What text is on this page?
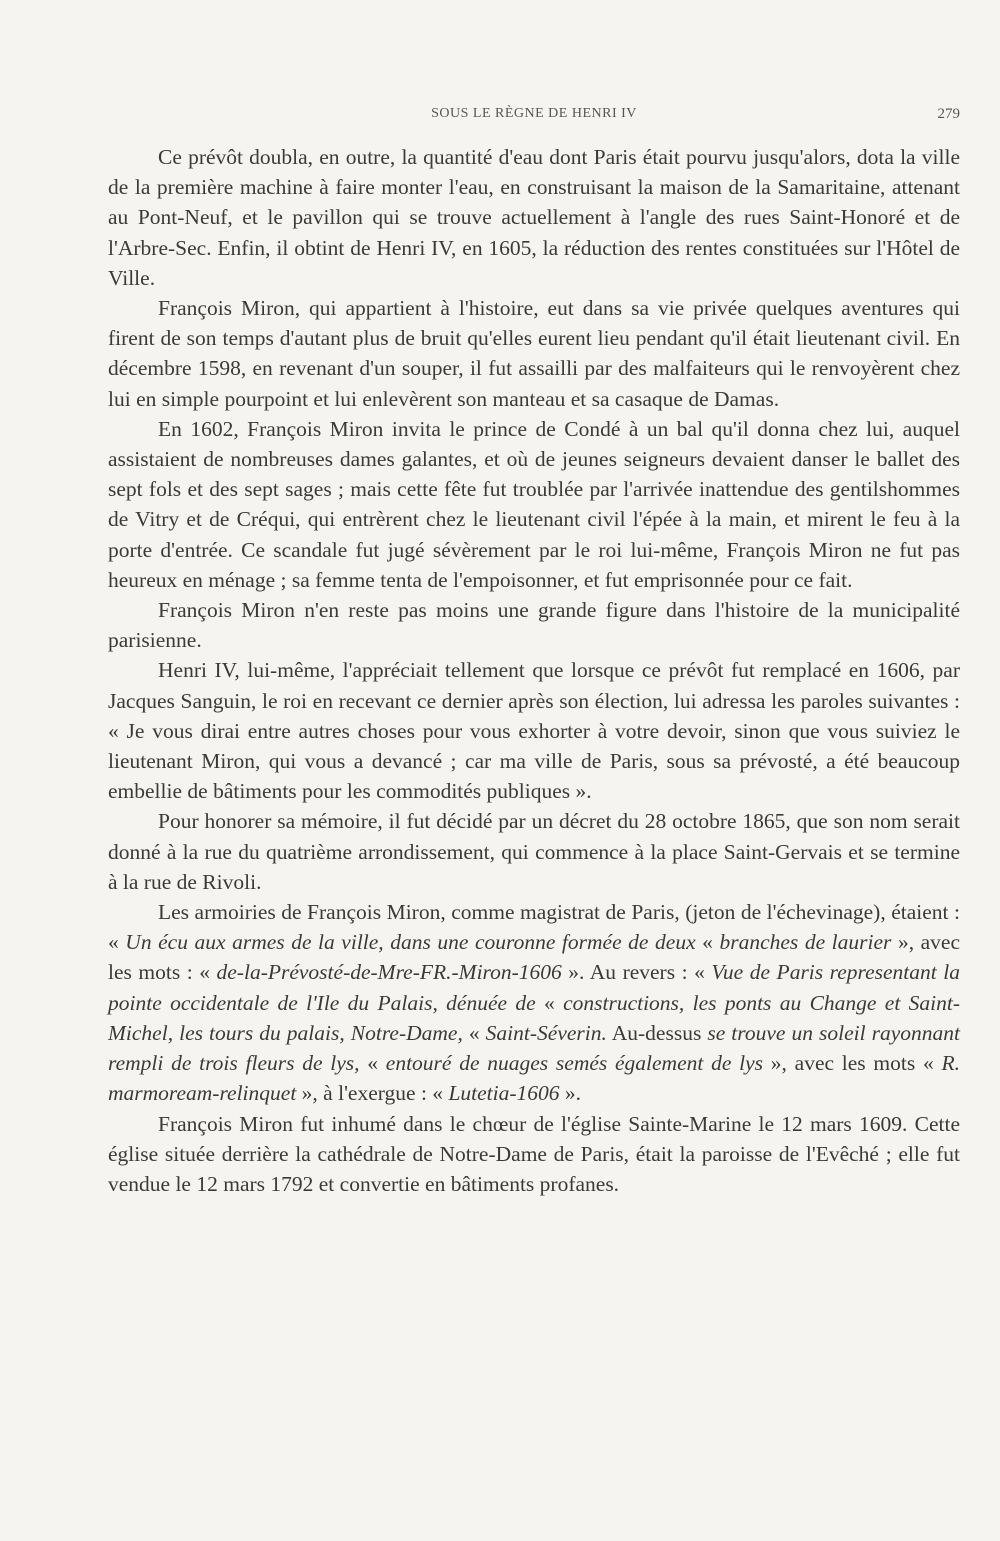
SOUS LE RÈGNE DE HENRI IV	279

Ce prévôt doubla, en outre, la quantité d'eau dont Paris était pourvu jusqu'alors, dota la ville de la première machine à faire monter l'eau, en construisant la maison de la Samaritaine, attenant au Pont-Neuf, et le pavillon qui se trouve actuellement à l'angle des rues Saint-Honoré et de l'Arbre-Sec. Enfin, il obtint de Henri IV, en 1605, la réduction des rentes constituées sur l'Hôtel de Ville.

François Miron, qui appartient à l'histoire, eut dans sa vie privée quelques aventures qui firent de son temps d'autant plus de bruit qu'elles eurent lieu pendant qu'il était lieutenant civil. En décembre 1598, en revenant d'un souper, il fut assailli par des malfaiteurs qui le renvoyèrent chez lui en simple pourpoint et lui enlevèrent son manteau et sa casaque de Damas.

En 1602, François Miron invita le prince de Condé à un bal qu'il donna chez lui, auquel assistaient de nombreuses dames galantes, et où de jeunes seigneurs devaient danser le ballet des sept fols et des sept sages ; mais cette fête fut troublée par l'arrivée inattendue des gentilshommes de Vitry et de Créqui, qui entrèrent chez le lieutenant civil l'épée à la main, et mirent le feu à la porte d'entrée. Ce scandale fut jugé sévèrement par le roi lui-même, François Miron ne fut pas heureux en ménage ; sa femme tenta de l'empoisonner, et fut emprisonnée pour ce fait.

François Miron n'en reste pas moins une grande figure dans l'histoire de la municipalité parisienne.

Henri IV, lui-même, l'appréciait tellement que lorsque ce prévôt fut remplacé en 1606, par Jacques Sanguin, le roi en recevant ce dernier après son élection, lui adressa les paroles suivantes : « Je vous dirai entre autres choses pour vous exhorter à votre devoir, sinon que vous suiviez le lieutenant Miron, qui vous a devancé ; car ma ville de Paris, sous sa prévosté, a été beaucoup embellie de bâtiments pour les commodités publiques ».

Pour honorer sa mémoire, il fut décidé par un décret du 28 octobre 1865, que son nom serait donné à la rue du quatrième arrondissement, qui commence à la place Saint-Gervais et se termine à la rue de Rivoli.

Les armoiries de François Miron, comme magistrat de Paris, (jeton de l'échevinage), étaient : « Un écu aux armes de la ville, dans une couronne formée de deux « branches de laurier », avec les mots : « de-la-Prévosté-de-Mre-FR.-Miron-1606 ». Au revers : « Vue de Paris representant la pointe occidentale de l'Ile du Palais, dénuée de « constructions, les ponts au Change et Saint-Michel, les tours du palais, Notre-Dame, « Saint-Séverin. Au-dessus se trouve un soleil rayonnant rempli de trois fleurs de lys, « entouré de nuages semés également de lys », avec les mots « R. marmoream-relinquet », à l'exergue : « Lutetia-1606 ».

François Miron fut inhumé dans le chœur de l'église Sainte-Marine le 12 mars 1609. Cette église située derrière la cathédrale de Notre-Dame de Paris, était la paroisse de l'Evêché ; elle fut vendue le 12 mars 1792 et convertie en bâtiments profanes.
